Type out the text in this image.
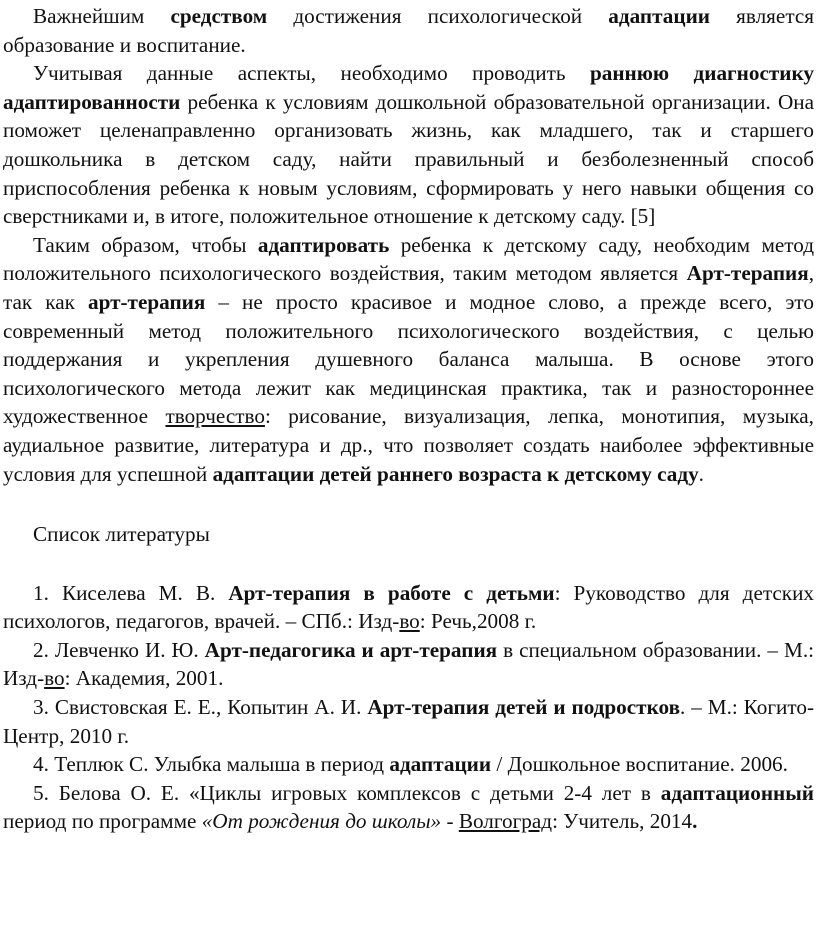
Важнейшим средством достижения психологической адаптации является образование и воспитание.

Учитывая данные аспекты, необходимо проводить раннюю диагностику адаптированности ребенка к условиям дошкольной образовательной организации. Она поможет целенаправленно организовать жизнь, как младшего, так и старшего дошкольника в детском саду, найти правильный и безболезненный способ приспособления ребенка к новым условиям, сформировать у него навыки общения со сверстниками и, в итоге, положительное отношение к детскому саду. [5]

Таким образом, чтобы адаптировать ребенка к детскому саду, необходим метод положительного психологического воздействия, таким методом является Арт-терапия, так как арт-терапия – не просто красивое и модное слово, а прежде всего, это современный метод положительного психологического воздействия, с целью поддержания и укрепления душевного баланса малыша. В основе этого психологического метода лежит как медицинская практика, так и разностороннее художественное творчество: рисование, визуализация, лепка, монотипия, музыка, аудиальное развитие, литература и др., что позволяет создать наиболее эффективные условия для успешной адаптации детей раннего возраста к детскому саду.

Список литературы

1. Киселева М. В. Арт-терапия в работе с детьми: Руководство для детских психологов, педагогов, врачей. – СПб.: Изд-во: Речь,2008 г.

2. Левченко И. Ю. Арт-педагогика и арт-терапия в специальном образовании. – М.: Изд-во: Академия, 2001.

3. Свистовская Е. Е., Копытин А. И. Арт-терапия детей и подростков. – М.: Когито-Центр, 2010 г.

4. Теплюк С. Улыбка малыша в период адаптации / Дошкольное воспитание. 2006.

5. Белова О. Е. «Циклы игровых комплексов с детьми 2-4 лет в адаптационный период по программе «От рождения до школы» - Волгоград: Учитель, 2014.
